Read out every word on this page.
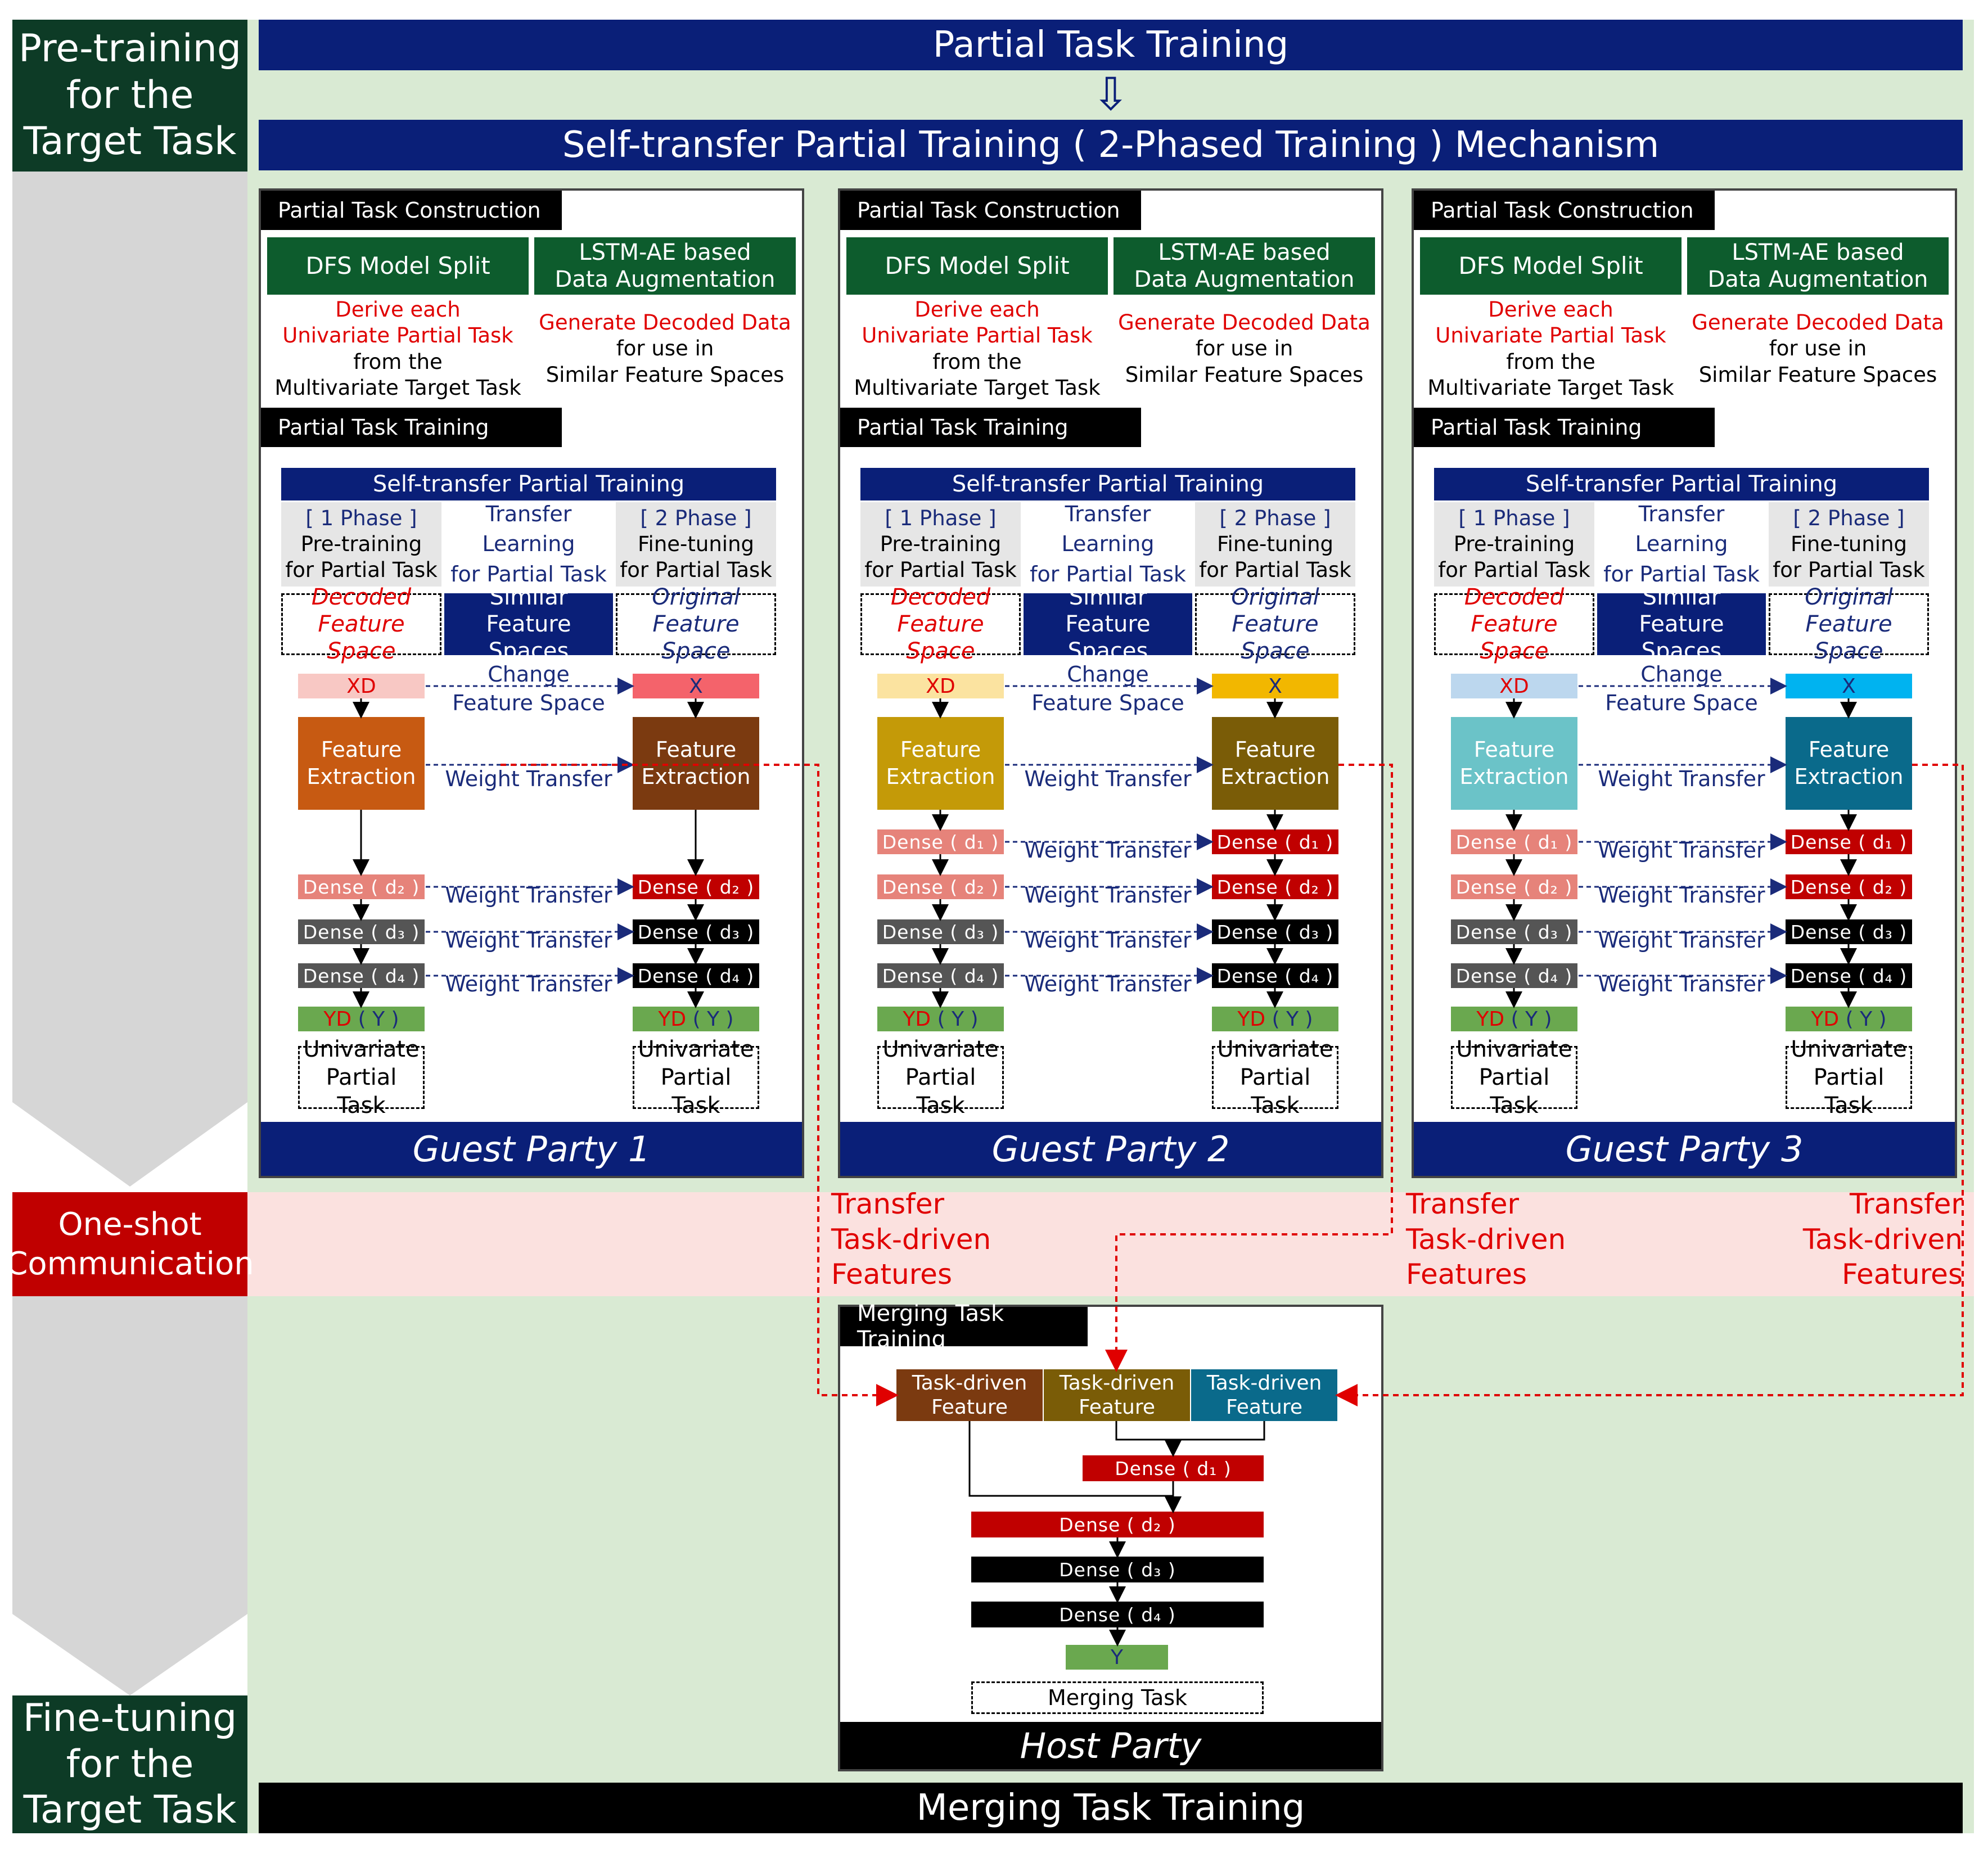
Pre-training
for the
Target Task
One-shot
Communication
Fine-tuning
for the
Target Task
Partial Task Training
⇩
Self-transfer Partial Training ( 2-Phased Training ) Mechanism
Partial Task Construction
DFS Model Split	LSTM-AE based
Data Augmentation
Derive each
Univariate Partial Task
from the
Multivariate Target Task
Generate Decoded Data
for use in
Similar Feature Spaces
Partial Task Training
Self-transfer Partial Training
[ 1 Phase ]
Pre-training
for Partial Task
Transfer Learning
for Partial Task
[ 2 Phase ]
Fine-tuning
for Partial Task
Decoded
Feature Space
Similar
Feature Spaces
Original
Feature Space
XD	X
Change
Feature Space
Feature
Extraction
Feature
Extraction
Weight Transfer
Dense ( d₂ )	Dense ( d₂ )
Weight Transfer
Dense ( d₃ )	Dense ( d₃ )
Weight Transfer
Dense ( d₄ )	Dense ( d₄ )
Weight Transfer
YD
( Y )
Univariate
Partial Task
YD
( Y )
Univariate
Partial Task
Guest Party 1
Partial Task Construction
DFS Model Split	LSTM-AE based
Data Augmentation
Derive each
Univariate Partial Task
from the
Multivariate Target Task
Generate Decoded Data
for use in
Similar Feature Spaces
Partial Task Training
Self-transfer Partial Training
[ 1 Phase ]
Pre-training
for Partial Task
Transfer Learning
for Partial Task
[ 2 Phase ]
Fine-tuning
for Partial Task
Decoded
Feature Space
Similar
Feature Spaces
Original
Feature Space
XD	X
Change
Feature Space
Feature
Extraction
Feature
Extraction
Weight Transfer
Dense ( d₁ )	Dense ( d₁ )
Weight Transfer
Dense ( d₂ )	Dense ( d₂ )
Weight Transfer
Dense ( d₃ )	Dense ( d₃ )
Weight Transfer
Dense ( d₄ )	Dense ( d₄ )
Weight Transfer
YD
( Y )
Univariate
Partial Task
YD
( Y )
Univariate
Partial Task
Guest Party 2
Partial Task Construction
DFS Model Split	LSTM-AE based
Data Augmentation
Derive each
Univariate Partial Task
from the
Multivariate Target Task
Generate Decoded Data
for use in
Similar Feature Spaces
Partial Task Training
Self-transfer Partial Training
[ 1 Phase ]
Pre-training
for Partial Task
Transfer Learning
for Partial Task
[ 2 Phase ]
Fine-tuning
for Partial Task
Decoded
Feature Space
Similar
Feature Spaces
Original
Feature Space
XD	X
Change
Feature Space
Feature
Extraction
Feature
Extraction
Weight Transfer
Dense ( d₁ )	Dense ( d₁ )
Weight Transfer
Dense ( d₂ )	Dense ( d₂ )
Weight Transfer
Dense ( d₃ )	Dense ( d₃ )
Weight Transfer
Dense ( d₄ )	Dense ( d₄ )
Weight Transfer
YD
( Y )
Univariate
Partial Task
YD
( Y )
Univariate
Partial Task
Guest Party 3
Transfer
Task-driven
Features
Transfer
Task-driven
Features
Transfer
Task-driven
Features
Merging Task Training
Task-driven
Feature
Task-driven
Feature
Task-driven
Feature
Dense ( d₁ )
Dense ( d₂ )
Dense ( d₃ )
Dense ( d₄ )
Y
Merging Task
Host Party
Merging Task Training
